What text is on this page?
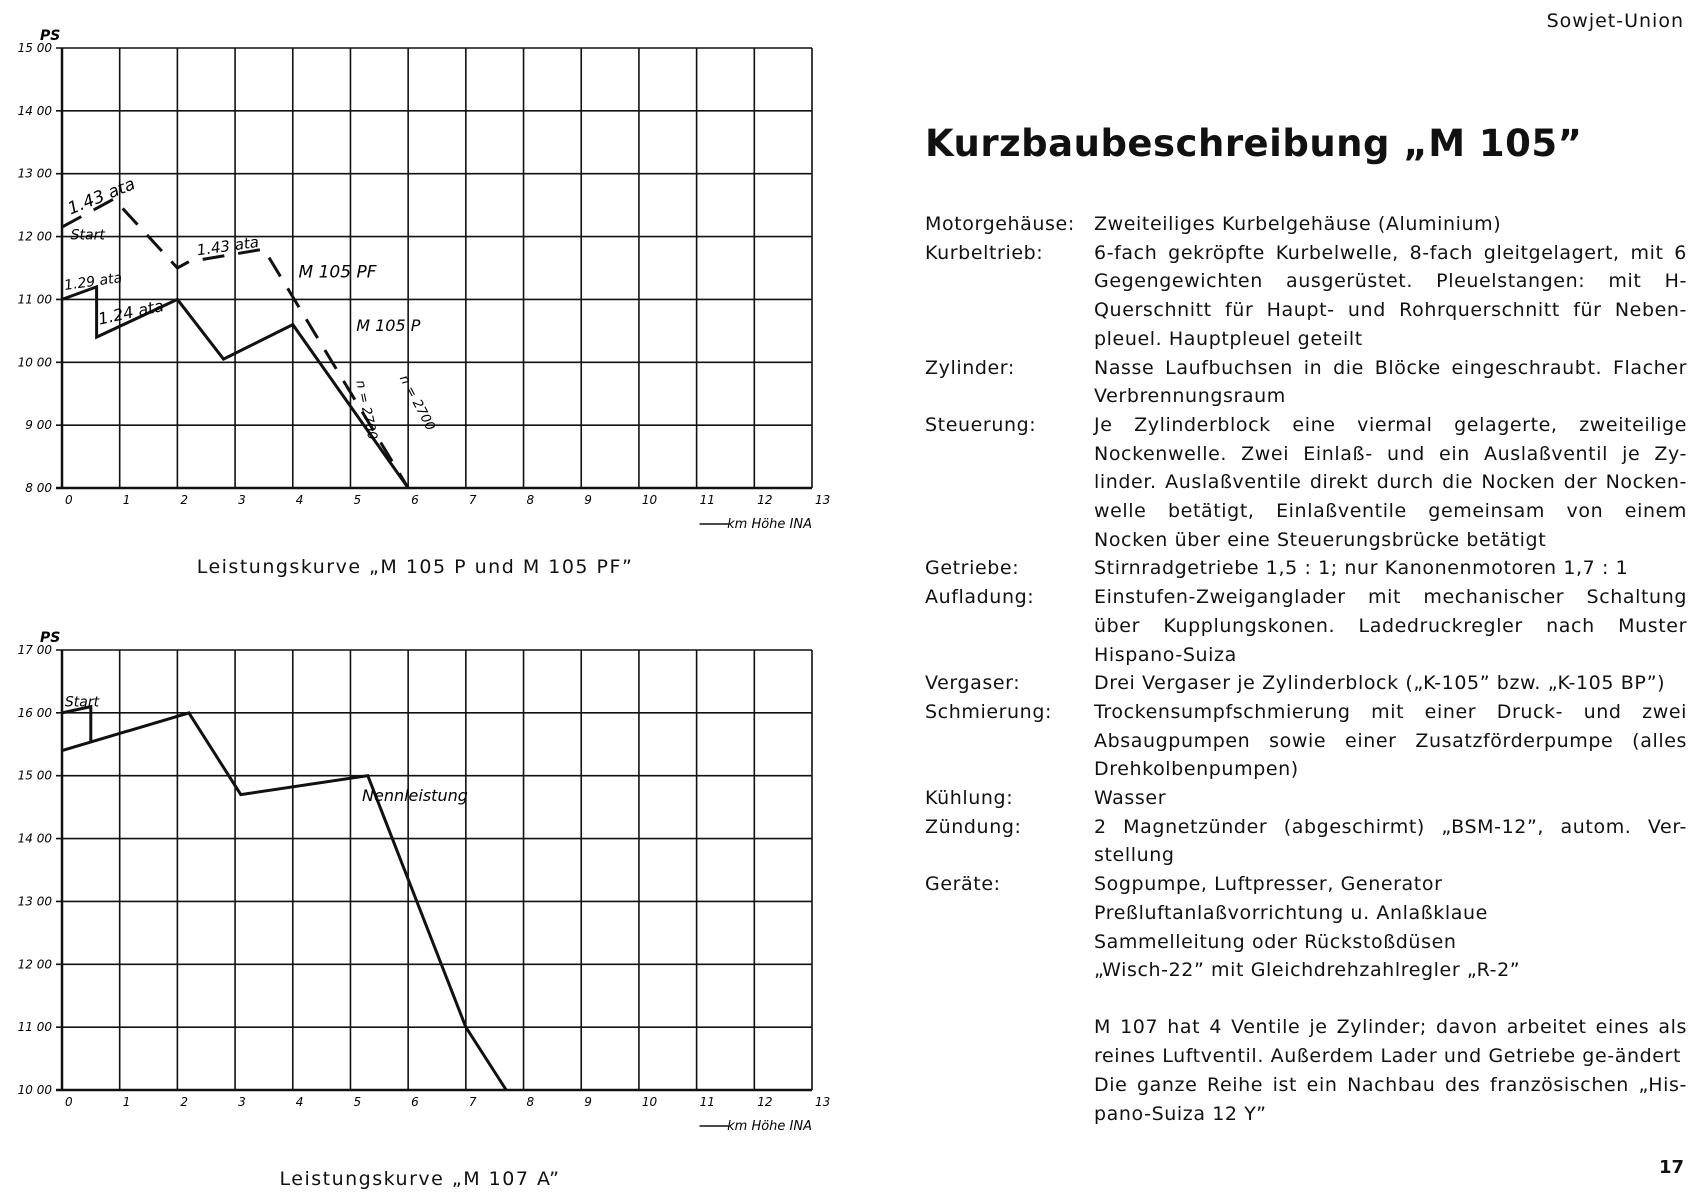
Sowjet-Union
8 00
9 00
10 00
11 00
12 00
13 00
14 00
15 00
0	1	2	3	4	5	6	7	8	9	10	11	12	13
PS
km Höhe INA
Start
1.43 ata
1.29 ata
1.24 ata
1.43 ata
M 105 PF
M 105 P
n = 2700 n = 2700
Leistungskurve „M 105 P und M 105 PF”
10 00
11 00
12 00
13 00
14 00
15 00
16 00
17 00
0	1	2	3	4	5	6	7	8	9	10	11	12	13
PS
km Höhe INA
Start
Nennleistung
Leistungskurve „M 107 A”
Kurzbaubeschreibung „M 105”
Motorgehäuse:	Zweiteiliges Kurbelgehäuse (Aluminium)
Kurbeltrieb:	6-fach gekröpfte Kurbelwelle, 8-fach gleitgelagert, mit 6 Gegengewichten ausgerüstet. Pleuelstangen: mit H-Querschnitt für Haupt- und Rohrquerschnitt für Neben-pleuel. Hauptpleuel geteilt
Zylinder:	Nasse Laufbuchsen in die Blöcke eingeschraubt. Flacher Verbrennungsraum
Steuerung:	Je Zylinderblock eine viermal gelagerte, zweiteilige Nockenwelle. Zwei Einlaß- und ein Auslaßventil je Zy-linder. Auslaßventile direkt durch die Nocken der Nocken-welle betätigt, Einlaßventile gemeinsam von einem Nocken über eine Steuerungsbrücke betätigt
Getriebe:	Stirnradgetriebe 1,5 : 1; nur Kanonenmotoren 1,7 : 1
Aufladung:	Einstufen-Zweiganglader mit mechanischer Schaltung über Kupplungskonen. Ladedruckregler nach Muster Hispano-Suiza
Vergaser:	Drei Vergaser je Zylinderblock („K-105” bzw. „K-105 BP”)
Schmierung:	Trockensumpfschmierung mit einer Druck- und zwei Absaugpumpen sowie einer Zusatzförderpumpe (alles Drehkolbenpumpen)
Kühlung:	Wasser
Zündung:	2 Magnetzünder (abgeschirmt) „BSM-12”, autom. Ver-stellung
Geräte:	Sogpumpe, Luftpresser, Generator
Preßluftanlaßvorrichtung u. Anlaßklaue
Sammelleitung oder Rückstoßdüsen
„Wisch-22” mit Gleichdrehzahlregler „R-2”
M 107 hat 4 Ventile je Zylinder; davon arbeitet eines als reines Luftventil. Außerdem Lader und Getriebe ge-ändert
Die ganze Reihe ist ein Nachbau des französischen „His-pano-Suiza 12 Y”
17
